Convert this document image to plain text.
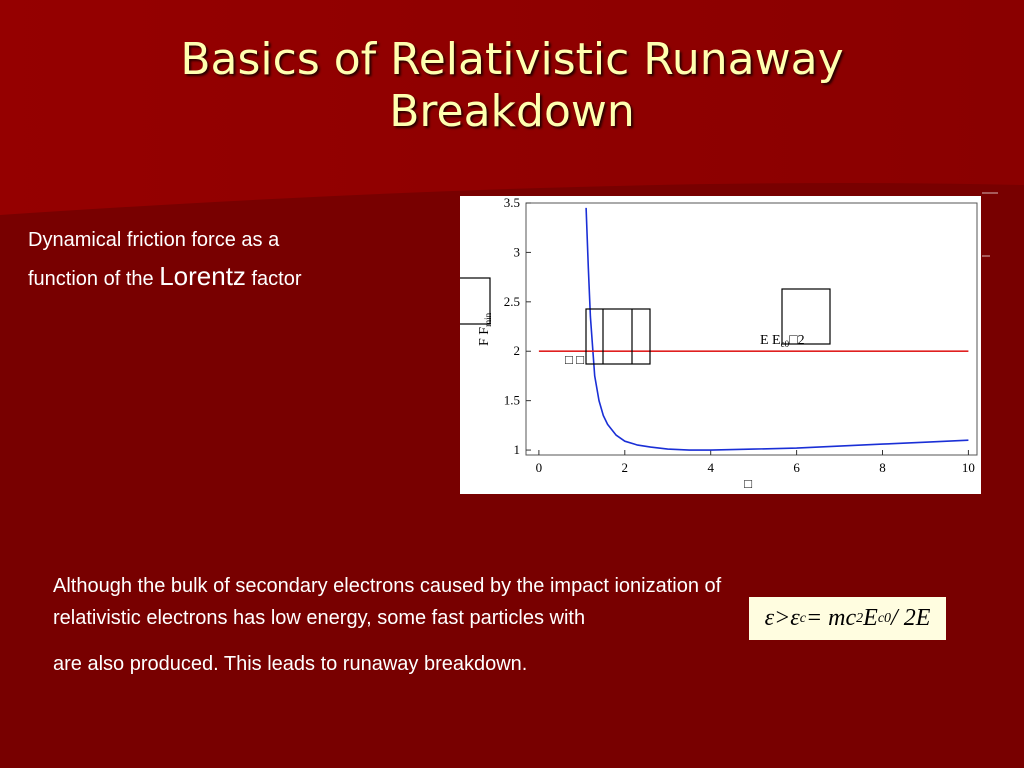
Basics of Relativistic Runaway
Breakdown
Dynamical friction force as a
function of the Lorentz factor
0	2	4	6	8	10
1
1.5
2
2.5
3
3.5
F $F_{min}$
□
E $E_{c0}□2$
□ □
Although the bulk of secondary electrons caused by the impact ionization of
relativistic electrons has low energy, some fast particles with
are also produced. This leads to runaway breakdown.
ε > ε c = mc 2 E c0 / 2E
